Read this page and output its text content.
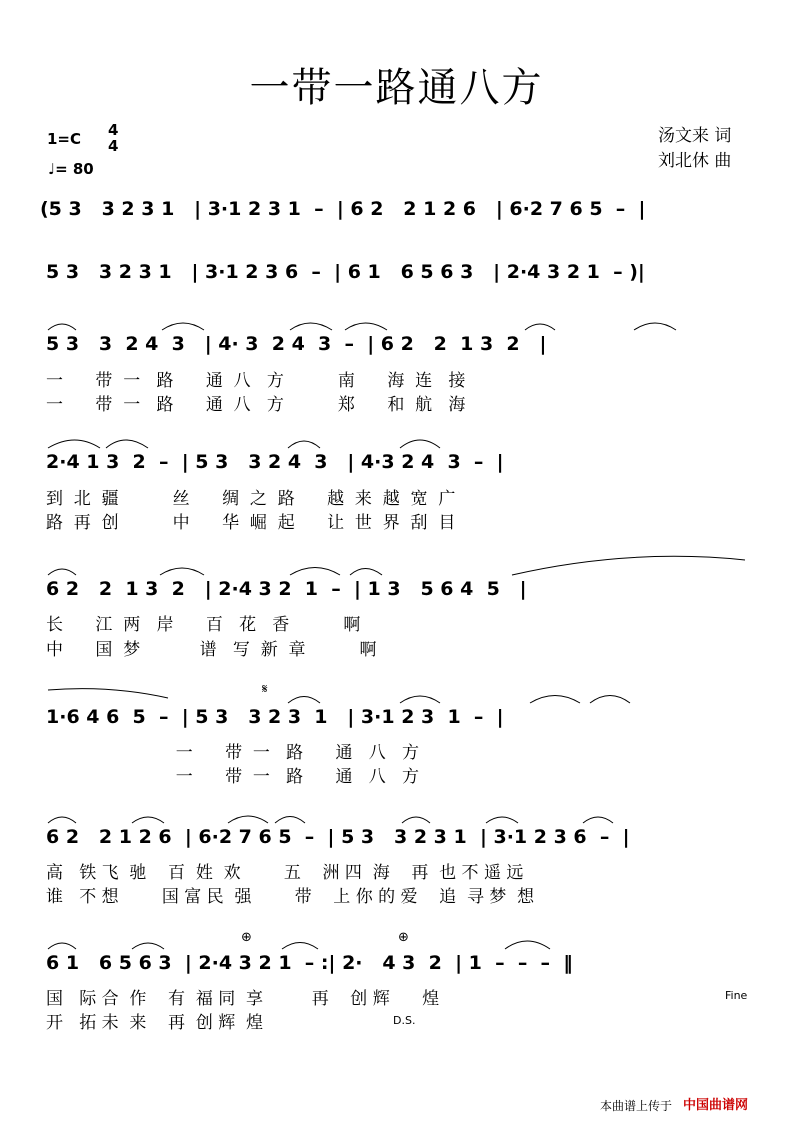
一带一路通八方
1=C 4
4
♩= 80
汤文来 词
刘北休 曲
(5 3   3 2 3 1   | 3·1 2 3 1  –  | 6 2   2 1 2 6   | 6·2 7 6 5  –  |
5 3   3 2 3 1   | 3·1 2 3 6  –  | 6 1   6 5 6 3   | 2·4 3 2 1  – )|
5 3   3  2 4  3   | 4· 3  2 4  3  –  | 6 2   2  1 3  2   |
一      带  一   路      通  八   方          南      海  连   接
一      带  一   路      通  八   方          郑      和  航   海
2·4 1 3  2  –  | 5 3   3 2 4  3   | 4·3 2 4  3  –  |
到  北  疆          丝      绸  之  路      越  来  越  宽  广
路  再  创          中      华  崛  起      让  世  界  刮  目
6 2   2  1 3  2   | 2·4 3 2  1  –  | 1 3   5 6 4  5   |
长      江  两   岸      百   花   香          啊
中      国  梦           谱   写  新  章          啊
1·6 4 6  5  –  | 5 3   3 2 3  1   | 3·1 2 3  1  –  |
𝄋
一      带  一   路      通   八   方
一      带  一   路      通   八   方
6 2   2 1 2 6  | 6·2 7 6 5  –  | 5 3   3 2 3 1  | 3·1 2 3 6  –  |
高   铁 飞  驰    百  姓  欢        五    洲 四  海    再  也 不 遥 远
谁   不 想        国 富 民  强        带    上 你 的 爱    追  寻 梦  想
6 1   6 5 6 3  | 2·4 3 2 1  – :| 2·   4 3  2  | 1  –  –  –  ‖
⊕	⊕
国   际 合  作    有  福 同  享         再    创 辉      煌
开   拓 未  来    再  创 辉  煌	D.S.
Fine
本曲谱上传于 中国曲谱网
